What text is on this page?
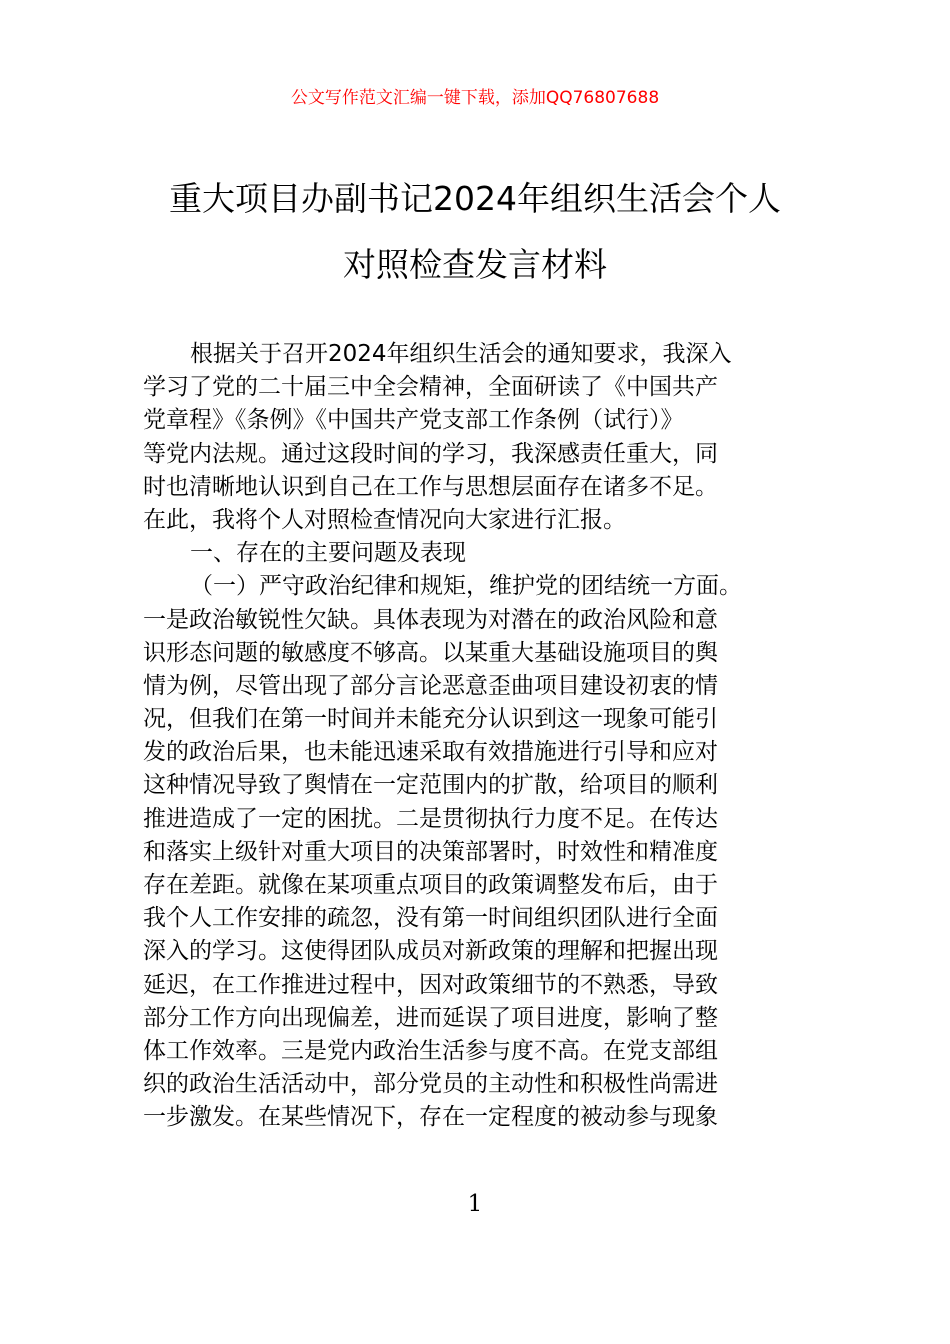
公文写作范文汇编一键下载，添加QQ76807688
重大项目办副书记2024年组织生活会个人
对照检查发言材料
根据关于召开2024年组织生活会的通知要求，我深入
学习了党的二十届三中全会精神，全面研读了《中国共产
党章程》《条例》《中国共产党支部工作条例（试行）》
等党内法规。通过这段时间的学习，我深感责任重大，同
时也清晰地认识到自己在工作与思想层面存在诸多不足。
在此，我将个人对照检查情况向大家进行汇报。
一、存在的主要问题及表现
（一）严守政治纪律和规矩，维护党的团结统一方面。
一是政治敏锐性欠缺。具体表现为对潜在的政治风险和意
识形态问题的敏感度不够高。以某重大基础设施项目的舆
情为例，尽管出现了部分言论恶意歪曲项目建设初衷的情
况，但我们在第一时间并未能充分认识到这一现象可能引
发的政治后果，也未能迅速采取有效措施进行引导和应对
这种情况导致了舆情在一定范围内的扩散，给项目的顺利
推进造成了一定的困扰。二是贯彻执行力度不足。在传达
和落实上级针对重大项目的决策部署时，时效性和精准度
存在差距。就像在某项重点项目的政策调整发布后，由于
我个人工作安排的疏忽，没有第一时间组织团队进行全面
深入的学习。这使得团队成员对新政策的理解和把握出现
延迟，在工作推进过程中，因对政策细节的不熟悉，导致
部分工作方向出现偏差，进而延误了项目进度，影响了整
体工作效率。三是党内政治生活参与度不高。在党支部组
织的政治生活活动中，部分党员的主动性和积极性尚需进
一步激发。在某些情况下，存在一定程度的被动参与现象
1
